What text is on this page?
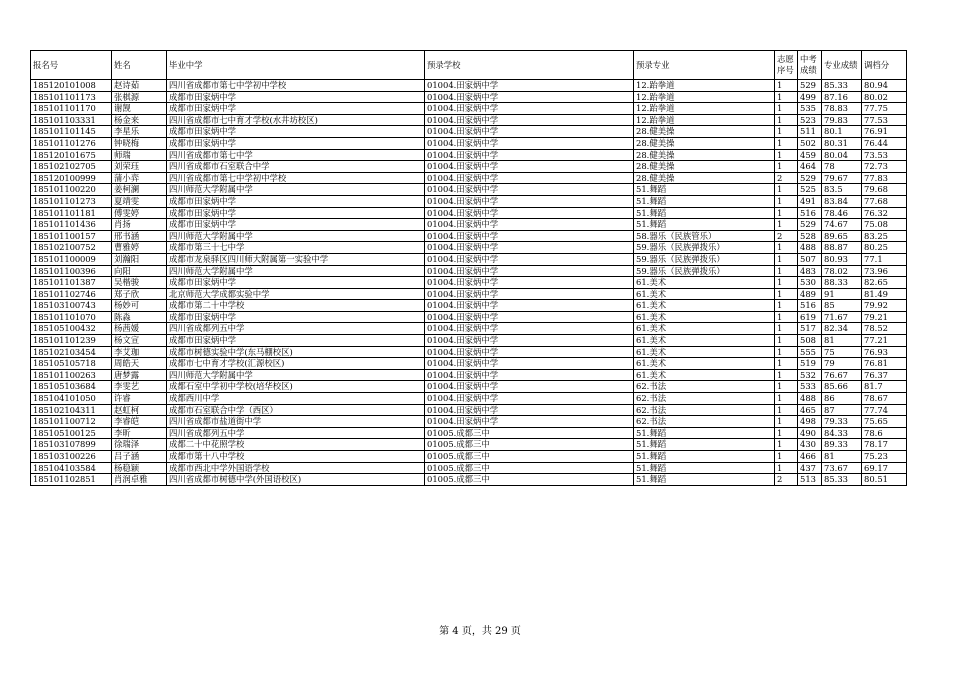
报名号	姓名	毕业中学	预录学校	预录专业	志愿序号	中考成绩	专业成绩	调档分
185120101008	赵诗茹	四川省成都市第七中学初中学校	01004.田家炳中学	12.跆拳道	1	529	85.33	80.94
185101101173	张棋源	成都市田家炳中学	01004.田家炳中学	12.跆拳道	1	499	87.16	80.02
185101101170	谢觊	成都市田家炳中学	01004.田家炳中学	12.跆拳道	1	535	78.83	77.75
185101103331	杨金来	四川省成都市七中育才学校(水井坊校区)	01004.田家炳中学	12.跆拳道	1	523	79.83	77.53
185101101145	李星乐	成都市田家炳中学	01004.田家炳中学	28.健美操	1	511	80.1	76.91
185101101276	钟晓梅	成都市田家炳中学	01004.田家炳中学	28.健美操	1	502	80.31	76.44
185120101675	师瑞	四川省成都市第七中学	01004.田家炳中学	28.健美操	1	459	80.04	73.53
185102102705	刘荣珏	四川省成都市石室联合中学	01004.田家炳中学	28.健美操	1	464	78	72.73
185120100999	蒲小弈	四川省成都市第七中学初中学校	01004.田家炳中学	28.健美操	2	529	79.67	77.83
185101100220	姜柯澜	四川师范大学附属中学	01004.田家炳中学	51.舞蹈	1	525	83.5	79.68
185101101273	夏靖雯	成都市田家炳中学	01004.田家炳中学	51.舞蹈	1	491	83.84	77.68
185101101181	傅雯婷	成都市田家炳中学	01004.田家炳中学	51.舞蹈	1	516	78.46	76.32
185101101436	肖扬	成都市田家炳中学	01004.田家炳中学	51.舞蹈	1	529	74.67	75.08
185101100157	邢书涵	四川师范大学附属中学	01004.田家炳中学	58.器乐（民族管乐）	2	528	89.65	83.25
185102100752	曹雅婷	成都市第三十七中学	01004.田家炳中学	59.器乐（民族弹拨乐）	1	488	88.87	80.25
185101100009	刘瀚阳	成都市龙泉驿区四川师大附属第一实验中学	01004.田家炳中学	59.器乐（民族弹拨乐）	1	507	80.93	77.1
185101100396	向阳	四川师范大学附属中学	01004.田家炳中学	59.器乐（民族弹拨乐）	1	483	78.02	73.96
185101101387	吴楷骏	成都市田家炳中学	01004.田家炳中学	61.美术	1	530	88.33	82.65
185101102746	郑子欣	北京师范大学成都实验中学	01004.田家炳中学	61.美术	1	489	91	81.49
185103100743	杨妙可	成都市第二十中学校	01004.田家炳中学	61.美术	1	516	85	79.92
185101101070	陈淼	成都市田家炳中学	01004.田家炳中学	61.美术	1	619	71.67	79.21
185105100432	杨茜媛	四川省成都列五中学	01004.田家炳中学	61.美术	1	517	82.34	78.52
185101101239	杨文宣	成都市田家炳中学	01004.田家炳中学	61.美术	1	508	81	77.21
185102103454	李艾珈	成都市树德实验中学(东马棚校区)	01004.田家炳中学	61.美术	1	555	75	76.93
185105105718	周皓天	成都市七中育才学校(汇源校区)	01004.田家炳中学	61.美术	1	519	79	76.81
185101100263	唐梦露	四川师范大学附属中学	01004.田家炳中学	61.美术	1	532	76.67	76.37
185105103684	李雯艺	成都石室中学初中学校(培华校区)	01004.田家炳中学	62.书法	1	533	85.66	81.7
185104101050	许睿	成都西川中学	01004.田家炳中学	62.书法	1	488	86	78.67
185102104311	赵虹柯	成都市石室联合中学（西区）	01004.田家炳中学	62.书法	1	465	87	77.74
185101100712	李睿皑	四川省成都市盐道街中学	01004.田家炳中学	62.书法	1	498	79.33	75.65
185105100125	李昕	四川省成都列五中学	01005.成都三中	51.舞蹈	1	490	84.33	78.6
185103107899	徐瑞泽	成都二十中花照学校	01005.成都三中	51.舞蹈	1	430	89.33	78.17
185103100226	吕子涵	成都市第十八中学校	01005.成都三中	51.舞蹈	1	466	81	75.23
185104103584	杨稳颖	成都市西北中学外国语学校	01005.成都三中	51.舞蹈	1	437	73.67	69.17
185101102851	肖润卓雅	四川省成都市树德中学(外国语校区)	01005.成都三中	51.舞蹈	2	513	85.33	80.51
第 4 页，共 29 页
